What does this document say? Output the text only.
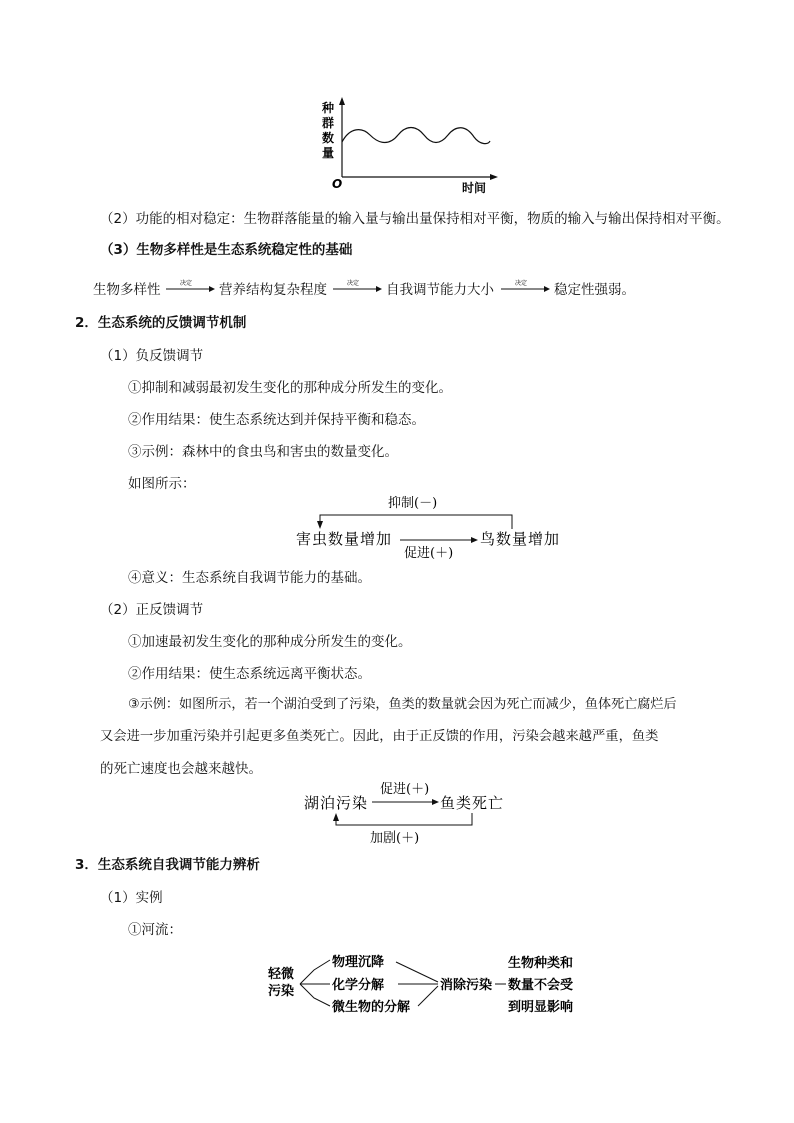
种
群
数
量
O	时间
（2）功能的相对稳定：生物群落能量的输入量与输出量保持相对平衡，物质的输入与输出保持相对平衡。
（3）生物多样性是生态系统稳定性的基础
生物多样性	决定 营养结构复杂程度	决定 自我调节能力大小	决定 稳定性强弱。
2．生态系统的反馈调节机制
（1）负反馈调节
①抑制和减弱最初发生变化的那种成分所发生的变化。
②作用结果：使生态系统达到并保持平衡和稳态。
③示例：森林中的食虫鸟和害虫的数量变化。
如图所示：
抑制(－)
害虫数量增加	鸟数量增加
促进(＋)
④意义：生态系统自我调节能力的基础。
（2）正反馈调节
①加速最初发生变化的那种成分所发生的变化。
②作用结果：使生态系统远离平衡状态。
③示例：如图所示，若一个湖泊受到了污染，鱼类的数量就会因为死亡而减少，鱼体死亡腐烂后
又会进一步加重污染并引起更多鱼类死亡。因此，由于正反馈的作用，污染会越来越严重，鱼类
的死亡速度也会越来越快。
促进(＋)
湖泊污染	鱼类死亡
加剧(＋)
3．生态系统自我调节能力辨析
（1）实例
①河流：
轻微
污染
物理沉降
化学分解
微生物的分解
消除污染
生物种类和
数量不会受
到明显影响
